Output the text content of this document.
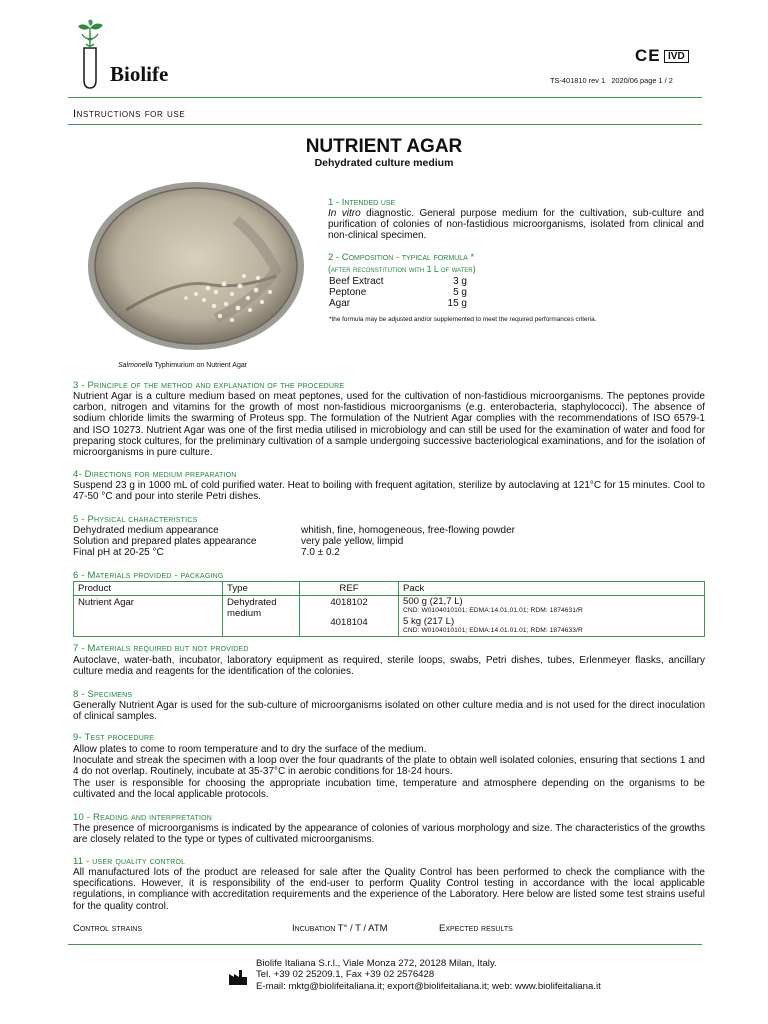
Biolife
CE IVD
TS-401810 rev 1 2020/06 page 1 / 2
Instructions for use
NUTRIENT AGAR
Dehydrated culture medium
Salmonella Typhimurium on Nutrient Agar
1 - Intended use
In vitro diagnostic. General purpose medium for the cultivation, sub-culture and purification of colonies of non-fastidious microorganisms, isolated from clinical and non-clinical specimen.
2 - Composition - typical formula *
(after reconstitution with 1 L of water)
Beef Extract	3 g
Peptone	5 g
Agar	15 g
*the formula may be adjusted and/or supplemented to meet the required performances criteria.
3 - Principle of the method and explanation of the procedure
Nutrient Agar is a culture medium based on meat peptones, used for the cultivation of non-fastidious microorganisms. The peptones provide carbon, nitrogen and vitamins for the growth of most non-fastidious microorganisms (e.g. enterobacteria, staphylococci). The absence of sodium chloride limits the swarming of Proteus spp. The formulation of the Nutrient Agar complies with the recommendations of ISO 6579-1 and ISO 10273. Nutrient Agar was one of the first media utilised in microbiology and can still be used for the examination of water and food for preparing stock cultures, for the preliminary cultivation of a sample undergoing successive bacteriological examinations, and for the isolation of microorganisms in pure culture.
4- Directions for medium preparation
Suspend 23 g in 1000 mL of cold purified water. Heat to boiling with frequent agitation, sterilize by autoclaving at 121°C for 15 minutes. Cool to 47-50 °C and pour into sterile Petri dishes.
5 - Physical characteristics
Dehydrated medium appearance	whitish, fine, homogeneous, free-flowing powder
Solution and prepared plates appearance	very pale yellow, limpid
Final pH at 20-25 °C	7.0 ± 0.2
6 - Materials provided - packaging
Product	Type	REF	Pack
Nutrient Agar	Dehydrated medium	4018102	500 g (21,7 L)
CND: W0104010101; EDMA:14.01.01.01; RDM: 1874631/R

		4018104	5 kg (217 L)
CND: W0104010101; EDMA:14.01.01.01; RDM: 1874633/R
7 - Materials required but not provided
Autoclave, water-bath, incubator, laboratory equipment as required, sterile loops, swabs, Petri dishes, tubes, Erlenmeyer flasks, ancillary culture media and reagents for the identification of the colonies.
8 - Specimens
Generally Nutrient Agar is used for the sub-culture of microorganisms isolated on other culture media and is not used for the direct inoculation of clinical samples.
9- Test procedure
Allow plates to come to room temperature and to dry the surface of the medium.
Inoculate and streak the specimen with a loop over the four quadrants of the plate to obtain well isolated colonies, ensuring that sections 1 and 4 do not overlap. Routinely, incubate at 35-37°C in aerobic conditions for 18-24 hours.
The user is responsible for choosing the appropriate incubation time, temperature and atmosphere depending on the organisms to be cultivated and the local applicable protocols.
10 - Reading and interpretation
The presence of microorganisms is indicated by the appearance of colonies of various morphology and size. The characteristics of the growths are closely related to the type or types of cultivated microorganisms.
11 - user quality control
All manufactured lots of the product are released for sale after the Quality Control has been performed to check the compliance with the specifications. However, it is responsibility of the end-user to perform Quality Control testing in accordance with the local applicable regulations, in compliance with accreditation requirements and the experience of the Laboratory. Here below are listed some test strains useful for the quality control.
Control strains	Incubation T° / T / ATM	Expected results
Biolife Italiana S.r.l., Viale Monza 272, 20128 Milan, Italy.
Tel. +39 02 25209.1, Fax +39 02 2576428
E-mail: mktg@biolifeitaliana.it; export@biolifeitaliana.it; web: www.biolifeitaliana.it
